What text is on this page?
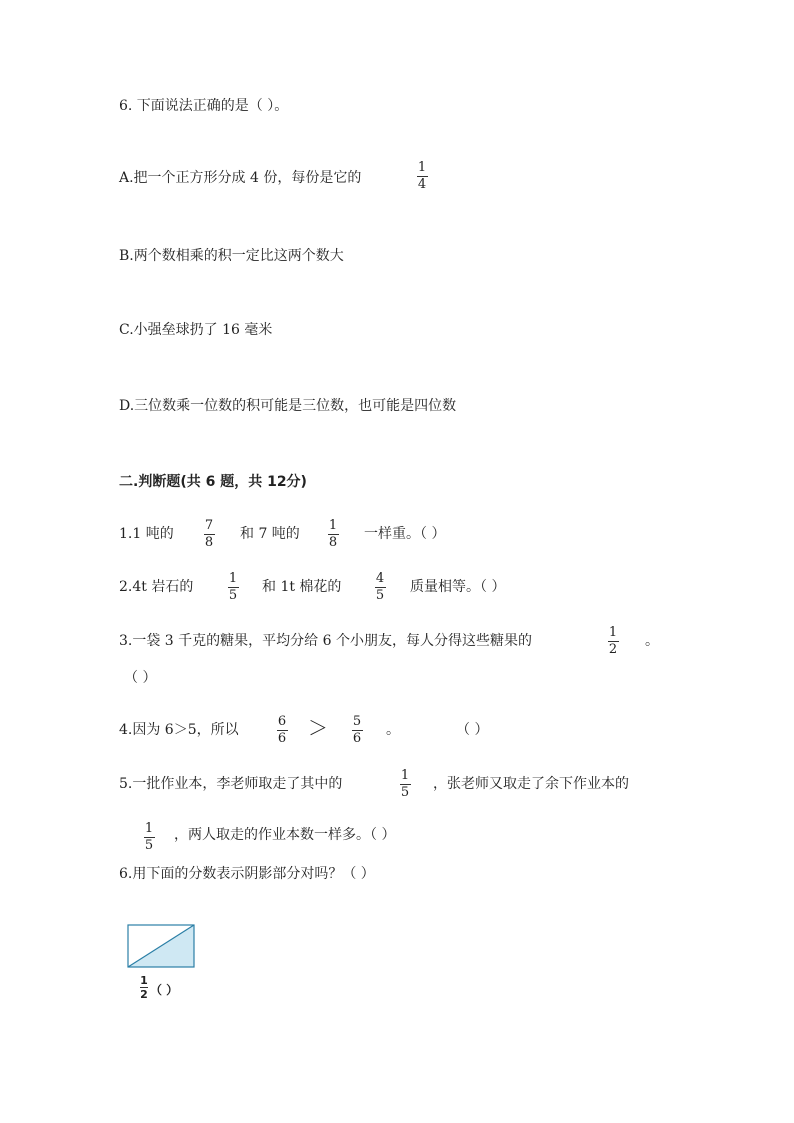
6. 下面说法正确的是（ ）。
A.把一个正方形分成 4 份，每份是它的
1
4
B.两个数相乘的积一定比这两个数大
C.小强垒球扔了 16 毫米
D.三位数乘一位数的积可能是三位数，也可能是四位数
二.判断题(共 6 题，共 12分)
1.1 吨的
7
8
和 7 吨的
1
8
一样重。（ ）
2.4t 岩石的
1
5
和 1t 棉花的
4
5
质量相等。（ ）
3.一袋 3 千克的糖果，平均分给 6 个小朋友，每人分得这些糖果的
1
2
。
（ ）
4.因为 6＞5，所以
6
6 ＞ 5
6
。	（ ）
5.一批作业本，李老师取走了其中的
1
5
，张老师又取走了余下作业本的
1
5
，两人取走的作业本数一样多。（ ）
6.用下面的分数表示阴影部分对吗？（ ）
1
2 （ ）
